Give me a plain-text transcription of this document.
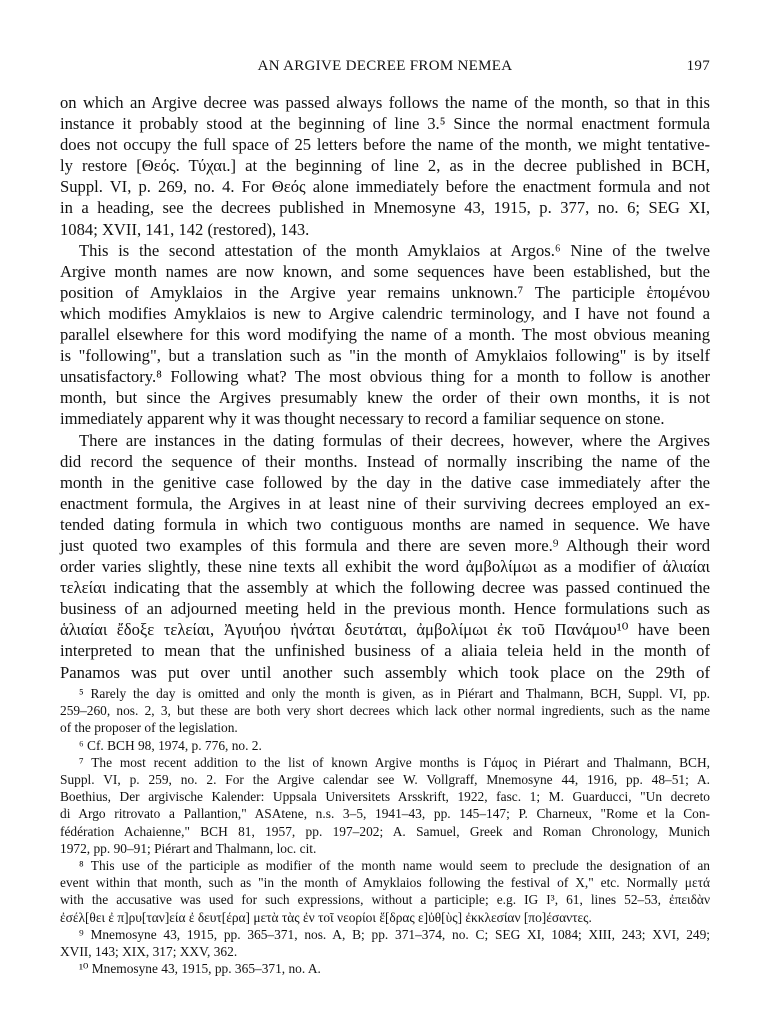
AN ARGIVE DECREE FROM NEMEA	197

on which an Argive decree was passed always follows the name of the month, so that in this

instance it probably stood at the beginning of line 3.⁵ Since the normal enactment formula

does not occupy the full space of 25 letters before the name of the month, we might tentative-

ly restore [Θεός. Τύχαι.] at the beginning of line 2, as in the decree published in BCH,

Suppl. VI, p. 269, no. 4. For Θεός alone immediately before the enactment formula and not

in a heading, see the decrees published in Mnemosyne 43, 1915, p. 377, no. 6; SEG XI,

1084; XVII, 141, 142 (restored), 143.

This is the second attestation of the month Amyklaios at Argos.⁶ Nine of the twelve

Argive month names are now known, and some sequences have been established, but the

position of Amyklaios in the Argive year remains unknown.⁷ The participle ἑπομένου

which modifies Amyklaios is new to Argive calendric terminology, and I have not found a

parallel elsewhere for this word modifying the name of a month. The most obvious meaning

is "following", but a translation such as "in the month of Amyklaios following" is by itself

unsatisfactory.⁸ Following what? The most obvious thing for a month to follow is another

month, but since the Argives presumably knew the order of their own months, it is not

immediately apparent why it was thought necessary to record a familiar sequence on stone.

There are instances in the dating formulas of their decrees, however, where the Argives

did record the sequence of their months. Instead of normally inscribing the name of the

month in the genitive case followed by the day in the dative case immediately after the

enactment formula, the Argives in at least nine of their surviving decrees employed an ex-

tended dating formula in which two contiguous months are named in sequence. We have

just quoted two examples of this formula and there are seven more.⁹ Although their word

order varies slightly, these nine texts all exhibit the word ἀμβολίμωι as a modifier of ἁλιαίαι

τελείαι indicating that the assembly at which the following decree was passed continued the

business of an adjourned meeting held in the previous month. Hence formulations such as

ἁλιαίαι ἔδοξε τελείαι, Ἀγυιήου ἡνάται δευτάται, ἀμβολίμωι ἐκ τοῦ Πανάμου¹⁰ have been

interpreted to mean that the unfinished business of a aliaia teleia held in the month of

Panamos was put over until another such assembly which took place on the 29th of

⁵ Rarely the day is omitted and only the month is given, as in Piérart and Thalmann, BCH, Suppl. VI, pp.

259–260, nos. 2, 3, but these are both very short decrees which lack other normal ingredients, such as the name

of the proposer of the legislation.

⁶ Cf. BCH 98, 1974, p. 776, no. 2.

⁷ The most recent addition to the list of known Argive months is Γάμος in Piérart and Thalmann, BCH,

Suppl. VI, p. 259, no. 2. For the Argive calendar see W. Vollgraff, Mnemosyne 44, 1916, pp. 48–51; A.

Boethius, Der argivische Kalender: Uppsala Universitets Arsskrift, 1922, fasc. 1; M. Guarducci, "Un decreto

di Argo ritrovato a Pallantion," ASAtene, n.s. 3–5, 1941–43, pp. 145–147; P. Charneux, "Rome et la Con-

fédération Achaienne," BCH 81, 1957, pp. 197–202; A. Samuel, Greek and Roman Chronology, Munich

1972, pp. 90–91; Piérart and Thalmann, loc. cit.

⁸ This use of the participle as modifier of the month name would seem to preclude the designation of an

event within that month, such as "in the month of Amyklaios following the festival of X," etc. Normally μετά

with the accusative was used for such expressions, without a participle; e.g. IG I³, 61, lines 52–53, ἐπειδὰν

ἐσέλ[θει ἐ π]ρυ[ταν]εία ἐ δευτ[έρα] μετὰ τὰς ἐν τοῖ νεορίοι ἕ[δρας ε]ὐθ[ὺς] ἐκκλεσίαν [πο]έσαντες.

⁹ Mnemosyne 43, 1915, pp. 365–371, nos. A, B; pp. 371–374, no. C; SEG XI, 1084; XIII, 243; XVI, 249;

XVII, 143; XIX, 317; XXV, 362.

¹⁰ Mnemosyne 43, 1915, pp. 365–371, no. A.
